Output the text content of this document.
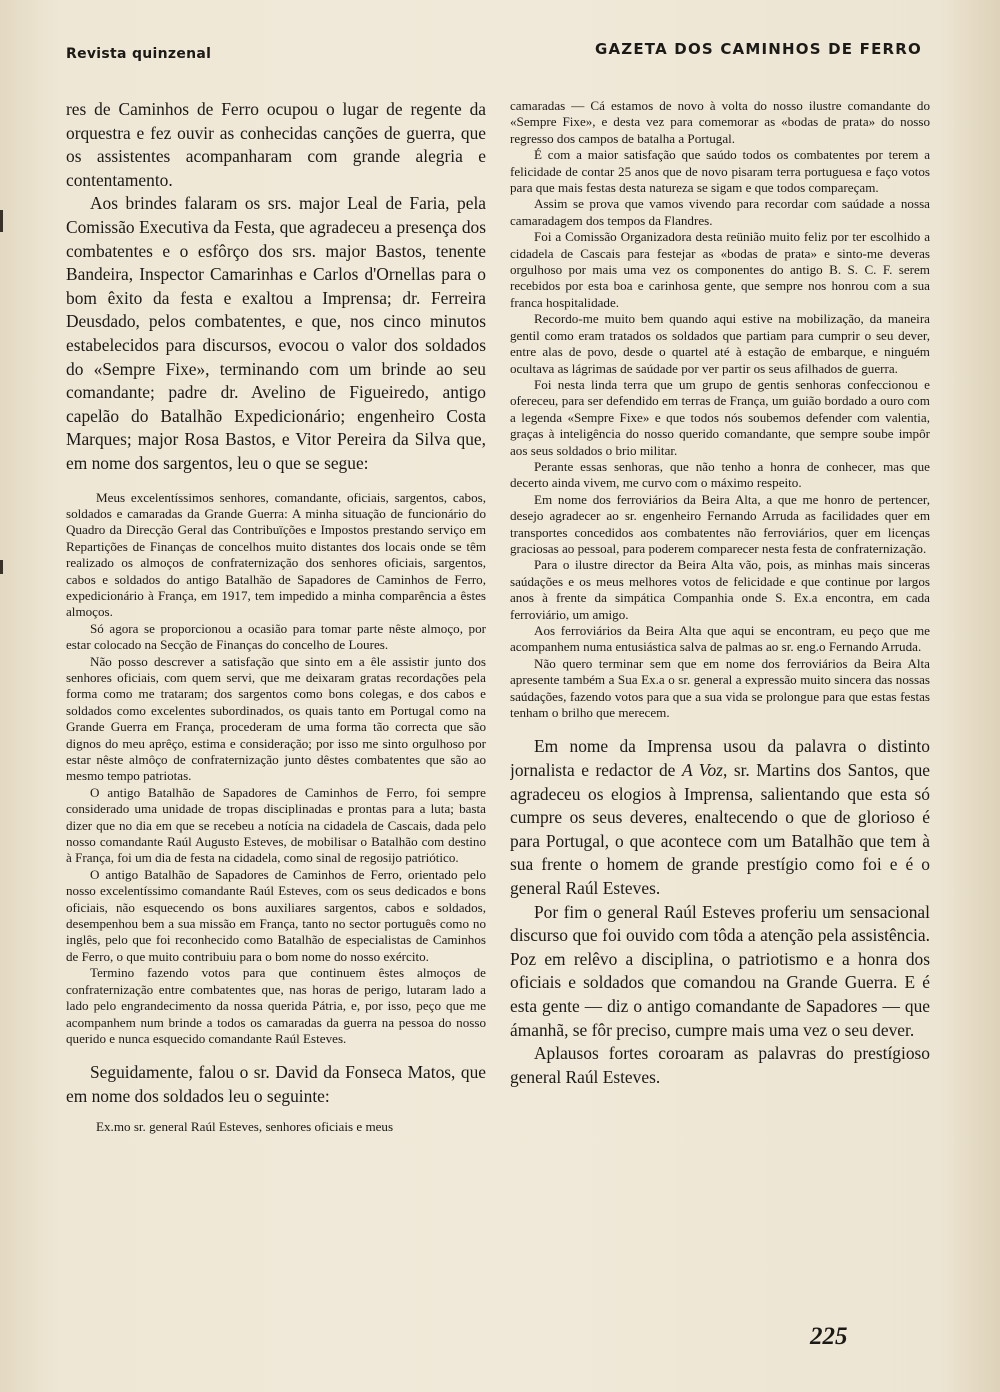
Revista quinzenal	GAZETA DOS CAMINHOS DE FERRO

res de Caminhos de Ferro ocupou o lugar de regente da orquestra e fez ouvir as conhecidas canções de guerra, que os assistentes acompanharam com grande alegria e contentamento.

Aos brindes falaram os srs. major Leal de Faria, pela Comissão Executiva da Festa, que agradeceu a presença dos combatentes e o esfôrço dos srs. major Bastos, tenente Bandeira, Inspector Camarinhas e Carlos d'Ornellas para o bom êxito da festa e exaltou a Imprensa; dr. Ferreira Deusdado, pelos combatentes, e que, nos cinco minutos estabelecidos para discursos, evocou o valor dos soldados do «Sempre Fixe», terminando com um brinde ao seu comandante; padre dr. Avelino de Figueiredo, antigo capelão do Batalhão Expedicionário; engenheiro Costa Marques; major Rosa Bastos, e Vitor Pereira da Silva que, em nome dos sargentos, leu o que se segue:

Meus excelentíssimos senhores, comandante, oficiais, sargentos, cabos, soldados e camaradas da Grande Guerra: A minha situação de funcionário do Quadro da Direcção Geral das Contribuïções e Impostos prestando serviço em Repartições de Finanças de concelhos muito distantes dos locais onde se têm realizado os almoços de confraternização dos senhores oficiais, sargentos, cabos e soldados do antigo Batalhão de Sapadores de Caminhos de Ferro, expedicionário à França, em 1917, tem impedido a minha comparência a êstes almoços.

Só agora se proporcionou a ocasião para tomar parte nêste almoço, por estar colocado na Secção de Finanças do concelho de Loures.

Não posso descrever a satisfação que sinto em a êle assistir junto dos senhores oficiais, com quem servi, que me deixaram gratas recordações pela forma como me trataram; dos sargentos como bons colegas, e dos cabos e soldados como excelentes subordinados, os quais tanto em Portugal como na Grande Guerra em França, procederam de uma forma tão correcta que são dignos do meu aprêço, estima e consideração; por isso me sinto orgulhoso por estar nêste almôço de confraternização junto dêstes combatentes que são ao mesmo tempo patriotas.

O antigo Batalhão de Sapadores de Caminhos de Ferro, foi sempre considerado uma unidade de tropas disciplinadas e prontas para a luta; basta dizer que no dia em que se recebeu a notícia na cidadela de Cascais, dada pelo nosso comandante Raúl Augusto Esteves, de mobilisar o Batalhão com destino à França, foi um dia de festa na cidadela, como sinal de regosijo patriótico.

O antigo Batalhão de Sapadores de Caminhos de Ferro, orientado pelo nosso excelentíssimo comandante Raúl Esteves, com os seus dedicados e bons oficiais, não esquecendo os bons auxiliares sargentos, cabos e soldados, desempenhou bem a sua missão em França, tanto no sector português como no inglês, pelo que foi reconhecido como Batalhão de especialistas de Caminhos de Ferro, o que muito contribuiu para o bom nome do nosso exército.

Termino fazendo votos para que continuem êstes almoços de confraternização entre combatentes que, nas horas de perigo, lutaram lado a lado pelo engrandecimento da nossa querida Pátria, e, por isso, peço que me acompanhem num brinde a todos os camaradas da guerra na pessoa do nosso querido e nunca esquecido comandante Raúl Esteves.

Seguidamente, falou o sr. David da Fonseca Matos, que em nome dos soldados leu o seguinte:

Ex.mo sr. general Raúl Esteves, senhores oficiais e meus

camaradas — Cá estamos de novo à volta do nosso ilustre comandante do «Sempre Fixe», e desta vez para comemorar as «bodas de prata» do nosso regresso dos campos de batalha a Portugal.

É com a maior satisfação que saúdo todos os combatentes por terem a felicidade de contar 25 anos que de novo pisaram terra portuguesa e faço votos para que mais festas desta natureza se sigam e que todos compareçam.

Assim se prova que vamos vivendo para recordar com saúdade a nossa camaradagem dos tempos da Flandres.

Foi a Comissão Organizadora desta reünião muito feliz por ter escolhido a cidadela de Cascais para festejar as «bodas de prata» e sinto-me deveras orgulhoso por mais uma vez os componentes do antigo B. S. C. F. serem recebidos por esta boa e carinhosa gente, que sempre nos honrou com a sua franca hospitalidade.

Recordo-me muito bem quando aqui estive na mobilização, da maneira gentil como eram tratados os soldados que partiam para cumprir o seu dever, entre alas de povo, desde o quartel até à estação de embarque, e ninguém ocultava as lágrimas de saúdade por ver partir os seus afilhados de guerra.

Foi nesta linda terra que um grupo de gentis senhoras confeccionou e ofereceu, para ser defendido em terras de França, um guião bordado a ouro com a legenda «Sempre Fixe» e que todos nós soubemos defender com valentia, graças à inteligência do nosso querido comandante, que sempre soube impôr aos seus soldados o brio militar.

Perante essas senhoras, que não tenho a honra de conhecer, mas que decerto ainda vivem, me curvo com o máximo respeito.

Em nome dos ferroviários da Beira Alta, a que me honro de pertencer, desejo agradecer ao sr. engenheiro Fernando Arruda as facilidades quer em transportes concedidos aos combatentes não ferroviários, quer em licenças graciosas ao pessoal, para poderem comparecer nesta festa de confraternização.

Para o ilustre director da Beira Alta vão, pois, as minhas mais sinceras saúdações e os meus melhores votos de felicidade e que continue por largos anos à frente da simpática Companhia onde S. Ex.a encontra, em cada ferroviário, um amigo.

Aos ferroviários da Beira Alta que aqui se encontram, eu peço que me acompanhem numa entusiástica salva de palmas ao sr. eng.o Fernando Arruda.

Não quero terminar sem que em nome dos ferroviários da Beira Alta apresente também a Sua Ex.a o sr. general a expressão muito sincera das nossas saúdações, fazendo votos para que a sua vida se prolongue para que estas festas tenham o brilho que merecem.

Em nome da Imprensa usou da palavra o distinto jornalista e redactor de A Voz, sr. Martins dos Santos, que agradeceu os elogios à Imprensa, salientando que esta só cumpre os seus deveres, enaltecendo o que de glorioso é para Portugal, o que acontece com um Batalhão que tem à sua frente o homem de grande prestígio como foi e é o general Raúl Esteves.

Por fim o general Raúl Esteves proferiu um sensacional discurso que foi ouvido com tôda a atenção pela assistência. Poz em relêvo a disciplina, o patriotismo e a honra dos oficiais e soldados que comandou na Grande Guerra. E é esta gente — diz o antigo comandante de Sapadores — que ámanhã, se fôr preciso, cumpre mais uma vez o seu dever.

Aplausos fortes coroaram as palavras do prestígioso general Raúl Esteves.

225
